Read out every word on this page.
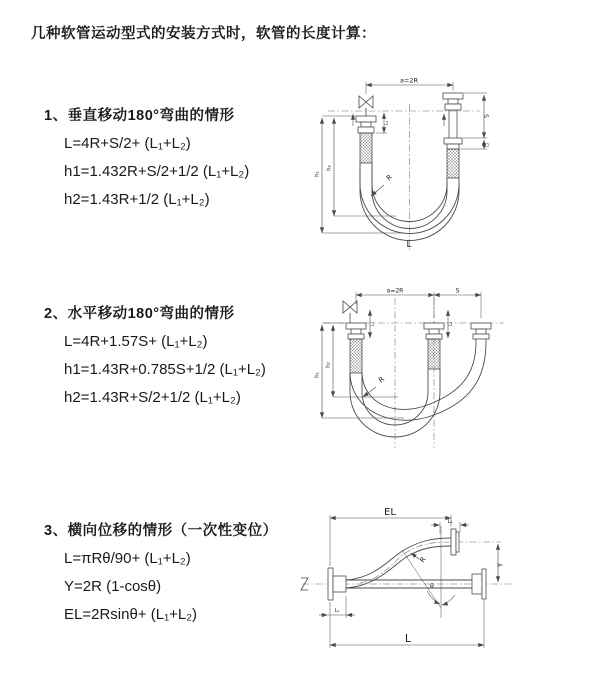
几种软管运动型式的安装方式时，软管的长度计算：
1、垂直移动180°弯曲的情形
L=4R+S/2+ (L₁+L₂)
h1=1.432R+S/2+1/2 (L₁+L₂)
h2=1.43R+1/2 (L₁+L₂)
2、水平移动180°弯曲的情形
L=4R+1.57S+ (L₁+L₂)
h1=1.43R+0.785S+1/2 (L₁+L₂)
h2=1.43R+S/2+1/2 (L₁+L₂)
3、横向位移的情形（一次性变位）
L=πRθ/90+ (L₁+L₂)
Y=2R (1-cosθ)
EL=2Rsinθ+ (L₁+L₂)
a=2R
R
L
h₁
h₂
L₁
S
L₂
a=2R	S
R
h₁
h₂
L₁	L₂
EL
L₂
Y
L
L₁
θ
R
